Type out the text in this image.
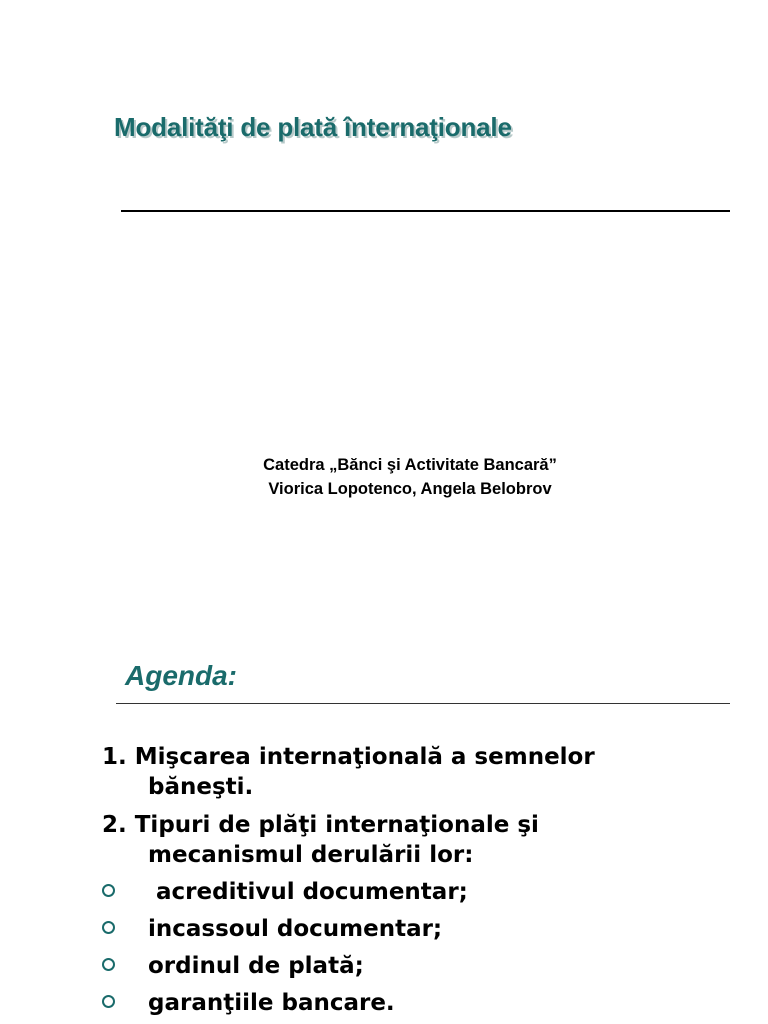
Modalităţi de plată înternaţionale
Catedra „Bănci şi Activitate Bancară”
Viorica Lopotenco, Angela Belobrov
Agenda:
1. Mişcarea internaţională a semnelor
băneşti.
2. Tipuri de plăţi internaţionale şi
mecanismul derulării lor:
acreditivul documentar;
incassoul documentar;
ordinul de plată;
garanţiile bancare.
